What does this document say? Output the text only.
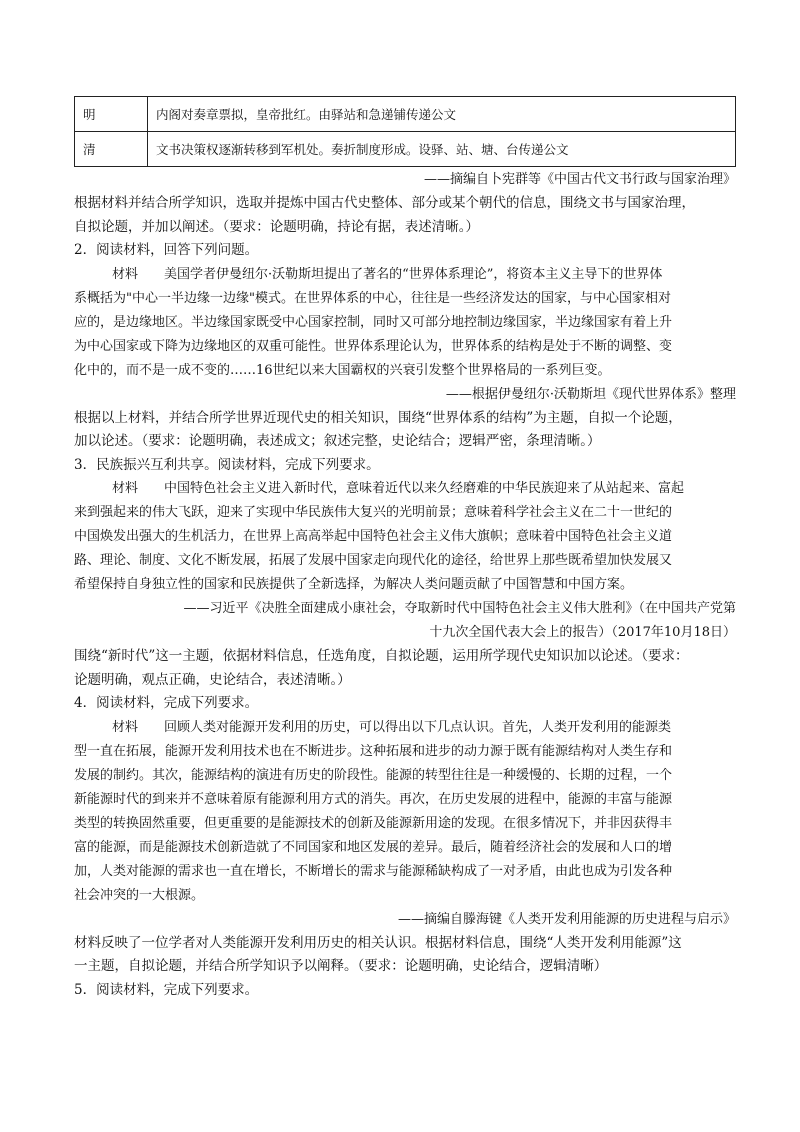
明	内阁对奏章票拟，皇帝批红。由驿站和急递铺传递公文
清	文书决策权逐渐转移到军机处。奏折制度形成。设驿、站、塘、台传递公文
——摘编自卜宪群等《中国古代文书行政与国家治理》
根据材料并结合所学知识，选取并提炼中国古代史整体、部分或某个朝代的信息，围绕文书与国家治理，
自拟论题，并加以阐述。（要求：论题明确，持论有据，表述清晰。）
2．阅读材料，回答下列问题。
材料　　美国学者伊曼纽尔·沃勒斯坦提出了著名的“世界体系理论”，将资本主义主导下的世界体
系概括为"中心一半边缘一边缘"模式。在世界体系的中心，往往是一些经济发达的国家，与中心国家相对
应的，是边缘地区。半边缘国家既受中心国家控制，同时又可部分地控制边缘国家，半边缘国家有着上升
为中心国家或下降为边缘地区的双重可能性。世界体系理论认为，世界体系的结构是处于不断的调整、变
化中的，而不是一成不变的……16世纪以来大国霸权的兴衰引发整个世界格局的一系列巨变。
——根据伊曼纽尔·沃勒斯坦《现代世界体系》整理
根据以上材料，并结合所学世界近现代史的相关知识，围绕“世界体系的结构”为主题，自拟一个论题，
加以论述。（要求：论题明确，表述成文；叙述完整，史论结合；逻辑严密，条理清晰。）
3．民族振兴互利共享。阅读材料，完成下列要求。
材料　　中国特色社会主义进入新时代，意味着近代以来久经磨难的中华民族迎来了从站起来、富起
来到强起来的伟大飞跃，迎来了实现中华民族伟大复兴的光明前景；意味着科学社会主义在二十一世纪的
中国焕发出强大的生机活力，在世界上高高举起中国特色社会主义伟大旗帜；意味着中国特色社会主义道
路、理论、制度、文化不断发展，拓展了发展中国家走向现代化的途径，给世界上那些既希望加快发展又
希望保持自身独立性的国家和民族提供了全新选择，为解决人类问题贡献了中国智慧和中国方案。
——习近平《决胜全面建成小康社会，夺取新时代中国特色社会主义伟大胜利》（在中国共产党第
十九次全国代表大会上的报告）（2017年10月18日）
围绕“新时代”这一主题，依据材料信息，任选角度，自拟论题，运用所学现代史知识加以论述。（要求：
论题明确，观点正确，史论结合，表述清晰。）
4．阅读材料，完成下列要求。
材料　　回顾人类对能源开发利用的历史，可以得出以下几点认识。首先，人类开发利用的能源类
型一直在拓展，能源开发利用技术也在不断进步。这种拓展和进步的动力源于既有能源结构对人类生存和
发展的制约。其次，能源结构的演进有历史的阶段性。能源的转型往往是一种缓慢的、长期的过程，一个
新能源时代的到来并不意味着原有能源利用方式的消失。再次，在历史发展的进程中，能源的丰富与能源
类型的转换固然重要，但更重要的是能源技术的创新及能源新用途的发现。在很多情况下，并非因获得丰
富的能源，而是能源技术创新造就了不同国家和地区发展的差异。最后，随着经济社会的发展和人口的增
加，人类对能源的需求也一直在增长，不断增长的需求与能源稀缺构成了一对矛盾，由此也成为引发各种
社会冲突的一大根源。
——摘编自滕海键《人类开发利用能源的历史进程与启示》
材料反映了一位学者对人类能源开发利用历史的相关认识。根据材料信息，围绕“人类开发利用能源”这
一主题，自拟论题，并结合所学知识予以阐释。（要求：论题明确，史论结合，逻辑清晰）
5．阅读材料，完成下列要求。
